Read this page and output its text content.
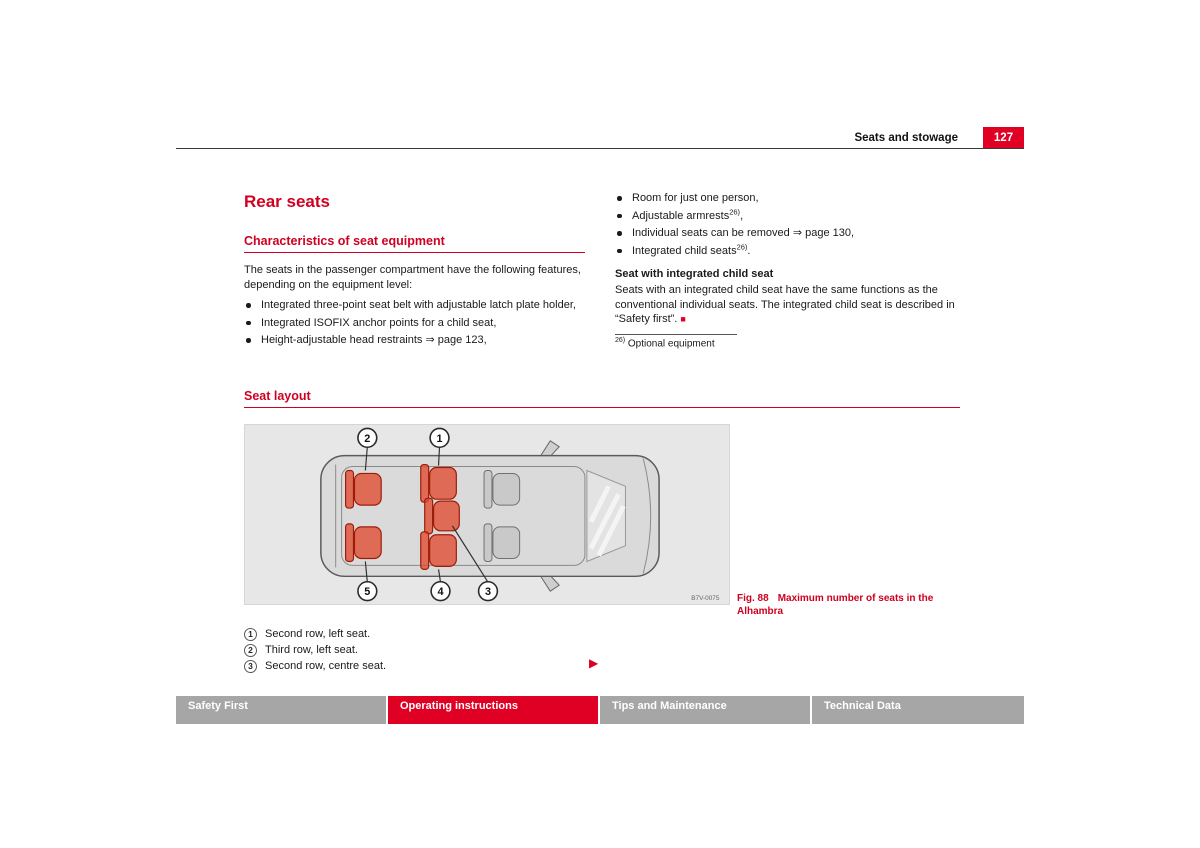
Seats and stowage	127
Rear seats
Characteristics of seat equipment

The seats in the passenger compartment have the following features, depending on the equipment level:

Integrated three-point seat belt with adjustable latch plate holder,
Integrated ISOFIX anchor points for a child seat,
Height-adjustable head restraints ⇒ page 123,
Room for just one person,
Adjustable armrests$^{26)}$,
Individual seats can be removed ⇒ page 130,
Integrated child seats$^{26)}$.
Seat with integrated child seat

Seats with an integrated child seat have the same functions as the conventional individual seats. The integrated child seat is described in “Safety first”. ■

$^{26)}$ Optional equipment

Seat layout
2	1
5	4	3
B7V-0075 Fig. 88 Maximum number of seats in the Alhambra
1	Second row, left seat.
2	Third row, left seat.
3	Second row, centre seat.	▶
Safety First	Operating instructions	Tips and Maintenance	Technical Data
